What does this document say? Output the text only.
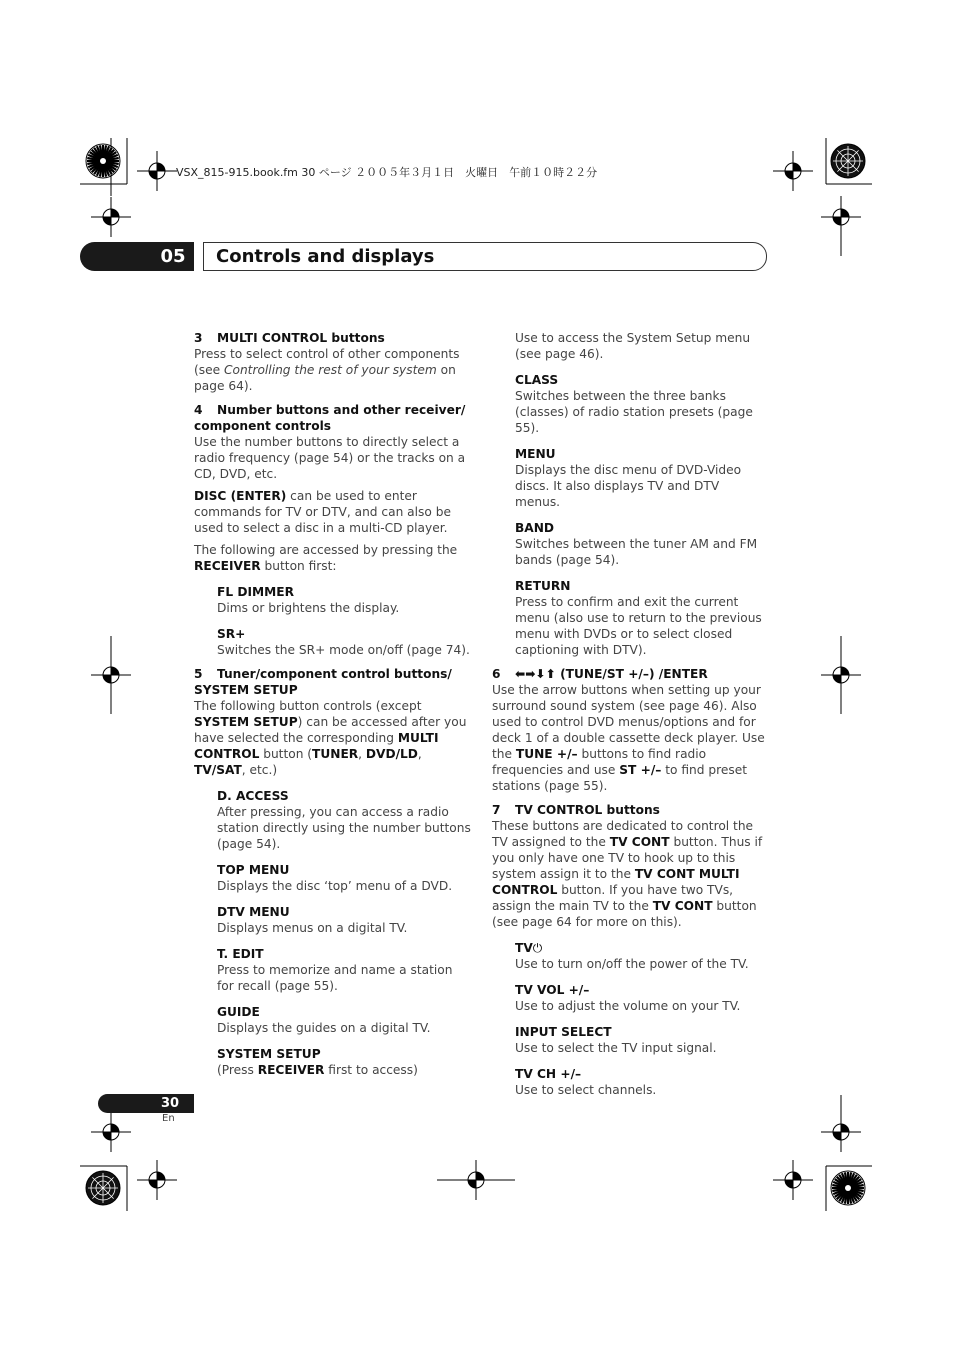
VSX_815-915.book.fm 30 ページ ２００５年３月１日　火曜日　午前１０時２２分
05	Controls and displays

3 MULTI CONTROL buttons

Press to select control of other components (see Controlling the rest of your system on page 64).

4 Number buttons and other receiver/ component controls

Use the number buttons to directly select a radio frequency (page 54) or the tracks on a CD, DVD, etc.

DISC (ENTER) can be used to enter commands for TV or DTV, and can also be used to select a disc in a multi-CD player.

The following are accessed by pressing the RECEIVER button first:

FL DIMMER

Dims or brightens the display.

SR+

Switches the SR+ mode on/off (page 74).

5 Tuner/component control buttons/ SYSTEM SETUP

The following button controls (except SYSTEM SETUP) can be accessed after you have selected the corresponding MULTI CONTROL button (TUNER, DVD/LD, TV/SAT, etc.)

D. ACCESS

After pressing, you can access a radio station directly using the number buttons (page 54).

TOP MENU

Displays the disc ‘top’ menu of a DVD.

DTV MENU

Displays menus on a digital TV.

T. EDIT

Press to memorize and name a station for recall (page 55).

GUIDE

Displays the guides on a digital TV.

SYSTEM SETUP

(Press RECEIVER first to access)

Use to access the System Setup menu (see page 46).

CLASS

Switches between the three banks (classes) of radio station presets (page 55).

MENU

Displays the disc menu of DVD-Video discs. It also displays TV and DTV menus.

BAND

Switches between the tuner AM and FM bands (page 54).

RETURN

Press to confirm and exit the current menu (also use to return to the previous menu with DVDs or to select closed captioning with DTV).

6 ⬅➡⬇⬆ (TUNE/ST +/–) /ENTER

Use the arrow buttons when setting up your surround sound system (see page 46). Also used to control DVD menus/options and for deck 1 of a double cassette deck player. Use the TUNE +/– buttons to find radio frequencies and use ST +/– to find preset stations (page 55).

7 TV CONTROL buttons

These buttons are dedicated to control the TV assigned to the TV CONT button. Thus if you only have one TV to hook up to this system assign it to the TV CONT MULTI CONTROL button. If you have two TVs, assign the main TV to the TV CONT button (see page 64 for more on this).

TV⏻

Use to turn on/off the power of the TV.

TV VOL +/–

Use to adjust the volume on your TV.

INPUT SELECT

Use to select the TV input signal.

TV CH +/–

Use to select channels.

30
En
